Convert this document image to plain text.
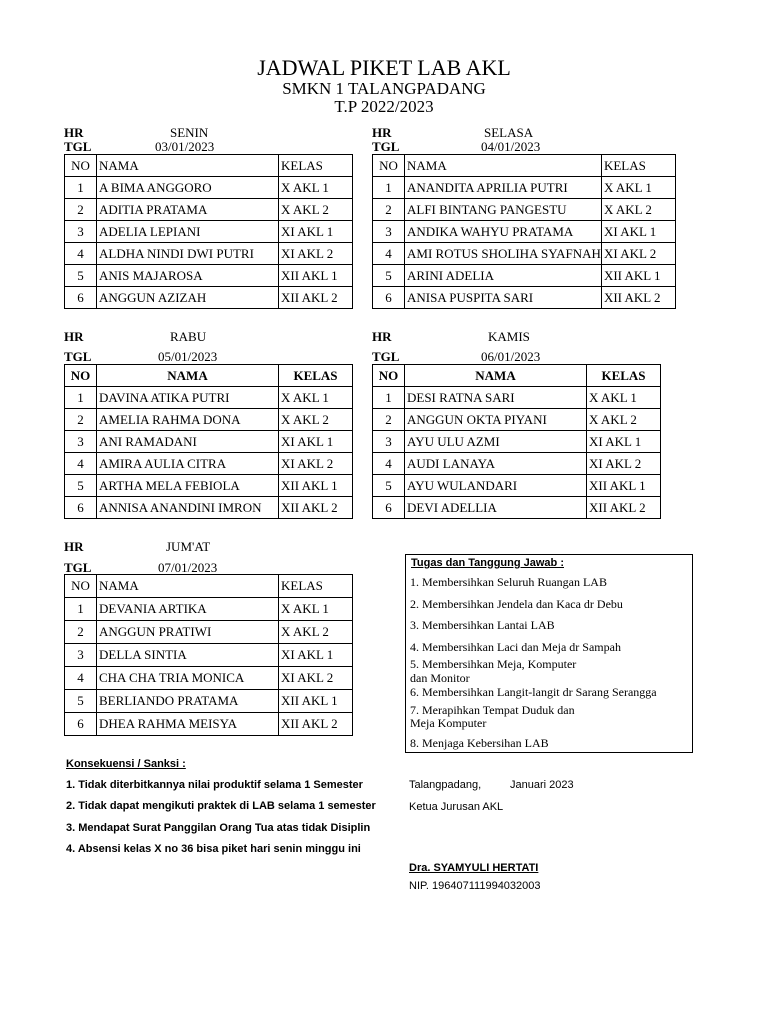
JADWAL PIKET LAB AKL
SMKN 1 TALANGPADANG
T.P 2022/2023
HR	SENIN
TGL	03/01/2023
NO	NAMA	KELAS
1	A BIMA ANGGORO	X AKL 1
2	ADITIA PRATAMA	X AKL 2
3	ADELIA LEPIANI	XI AKL 1
4	ALDHA NINDI DWI PUTRI	XI AKL 2
5	ANIS MAJAROSA	XII AKL 1
6	ANGGUN AZIZAH	XII AKL 2
HR	SELASA
TGL	04/01/2023
NO	NAMA	KELAS
1	ANANDITA APRILIA PUTRI	X AKL 1
2	ALFI BINTANG PANGESTU	X AKL 2
3	ANDIKA WAHYU PRATAMA	XI AKL 1
4	AMI ROTUS SHOLIHA SYAFNAH	XI AKL 2
5	ARINI ADELIA	XII AKL 1
6	ANISA PUSPITA SARI	XII AKL 2
HR	RABU
TGL	05/01/2023
NO	NAMA	KELAS
1	DAVINA ATIKA PUTRI	X AKL 1
2	AMELIA RAHMA DONA	X AKL 2
3	ANI RAMADANI	XI AKL 1
4	AMIRA AULIA CITRA	XI AKL 2
5	ARTHA MELA FEBIOLA	XII AKL 1
6	ANNISA ANANDINI IMRON	XII AKL 2
HR	KAMIS
TGL	06/01/2023
NO	NAMA	KELAS
1	DESI RATNA SARI	X AKL 1
2	ANGGUN OKTA PIYANI	X AKL 2
3	AYU ULU AZMI	XI AKL 1
4	AUDI LANAYA	XI AKL 2
5	AYU WULANDARI	XII AKL 1
6	DEVI ADELLIA	XII AKL 2
HR	JUM'AT
TGL	07/01/2023
NO	NAMA	KELAS
1	DEVANIA ARTIKA	X AKL 1
2	ANGGUN PRATIWI	X AKL 2
3	DELLA SINTIA	XI AKL 1
4	CHA CHA TRIA MONICA	XI AKL 2
5	BERLIANDO PRATAMA	XII AKL 1
6	DHEA RAHMA MEISYA	XII AKL 2
Tugas dan Tanggung Jawab :
1. Membersihkan Seluruh Ruangan LAB
2. Membersihkan Jendela dan Kaca dr Debu
3. Membersihkan Lantai LAB
4. Membersihkan Laci dan Meja dr Sampah
5. Membersihkan Meja, Komputer
dan Monitor
6. Membersihkan Langit-langit dr Sarang Serangga
7. Merapihkan Tempat Duduk dan
Meja Komputer
8. Menjaga Kebersihan LAB
Konsekuensi / Sanksi :
1. Tidak diterbitkannya nilai produktif selama 1 Semester
2. Tidak dapat mengikuti praktek di LAB selama 1 semester
3. Mendapat Surat Panggilan Orang Tua atas tidak Disiplin
4. Absensi kelas X no 36 bisa piket hari senin minggu ini
Talangpadang,	Januari 2023
Ketua Jurusan AKL
Dra. SYAMYULI HERTATI
NIP. 196407111994032003
